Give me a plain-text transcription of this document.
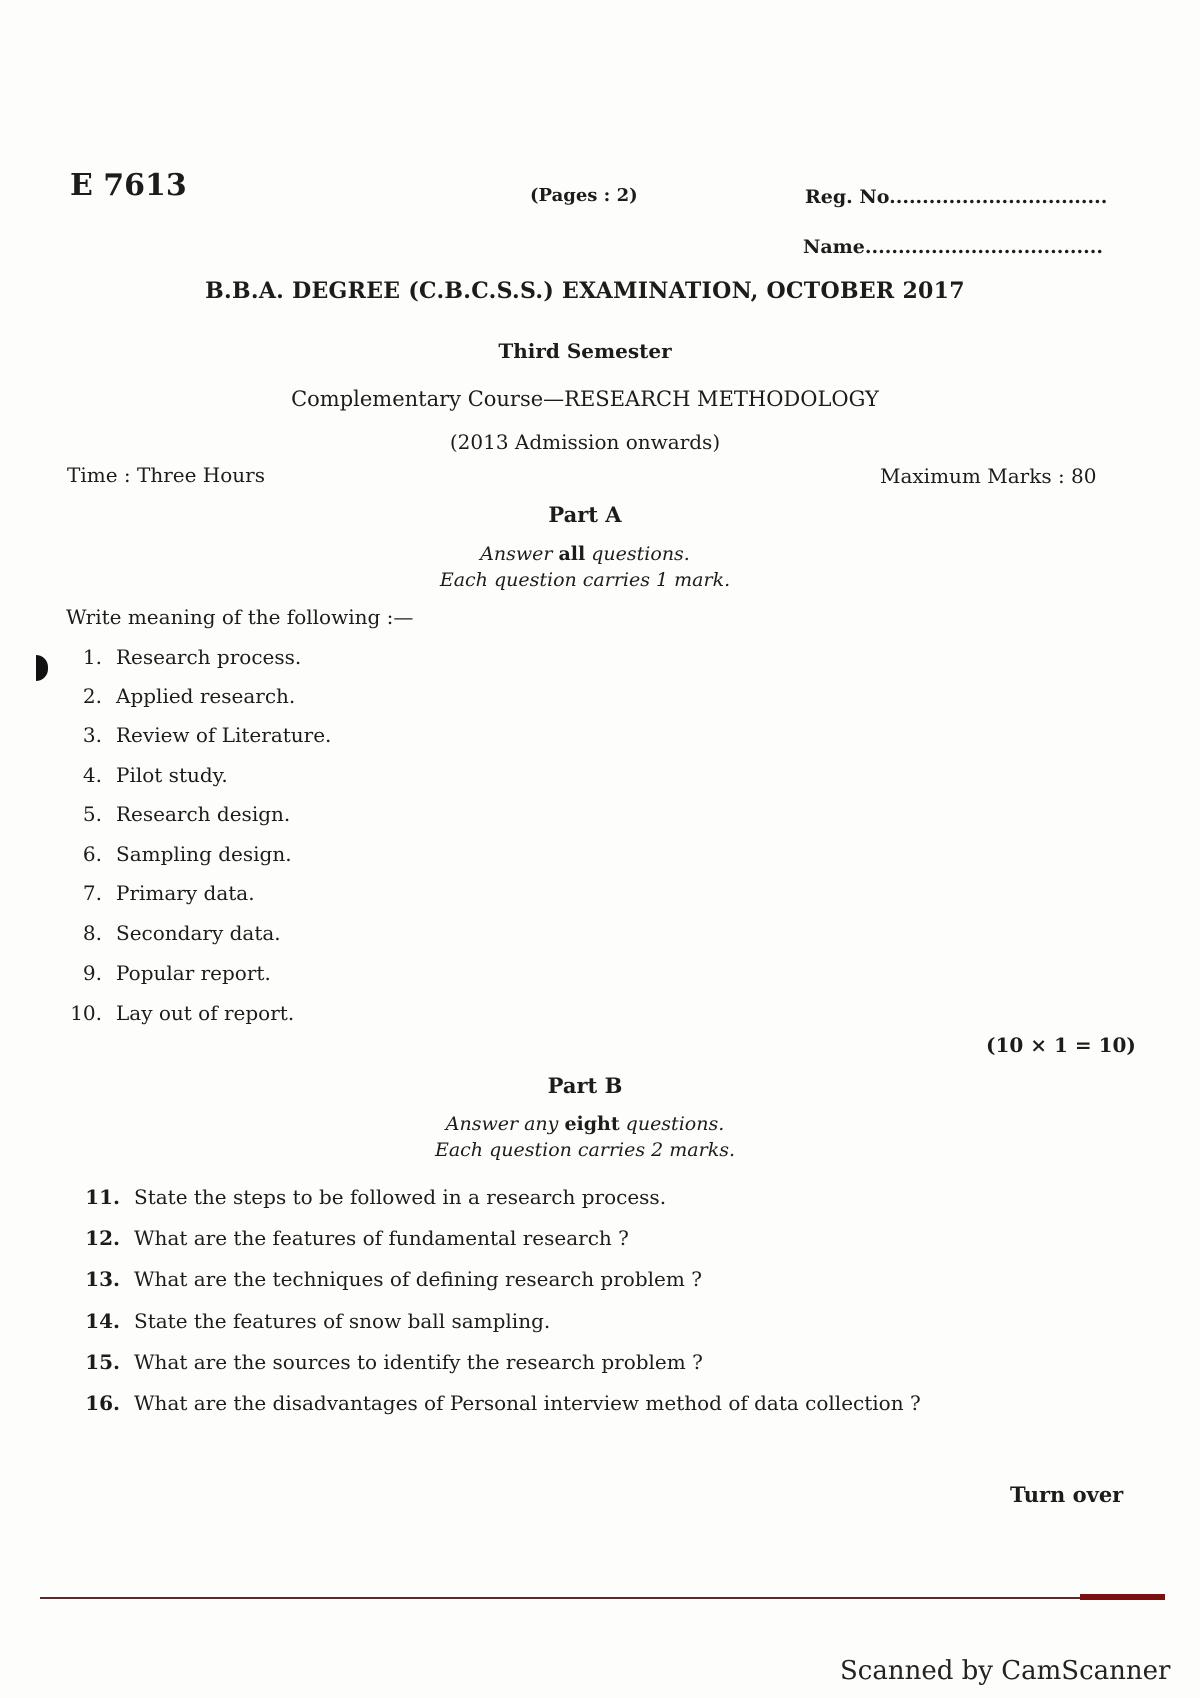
E 7613	(Pages : 2)	Reg. No.................................
Name....................................
B.B.A. DEGREE (C.B.C.S.S.) EXAMINATION, OCTOBER 2017
Third Semester
Complementary Course—RESEARCH METHODOLOGY
(2013 Admission onwards)
Time : Three Hours	Maximum Marks : 80
Part A
Answer all questions.
Each question carries 1 mark.
Write meaning of the following :—
1. Research process.
2. Applied research.
3. Review of Literature.
4. Pilot study.
5. Research design.
6. Sampling design.
7. Primary data.
8. Secondary data.
9. Popular report.
10. Lay out of report.
(10 × 1 = 10)
Part B
Answer any eight questions.
Each question carries 2 marks.
11. State the steps to be followed in a research process.
12. What are the features of fundamental research ?
13. What are the techniques of defining research problem ?
14. State the features of snow ball sampling.
15. What are the sources to identify the research problem ?
16. What are the disadvantages of Personal interview method of data collection ?
Turn over
Scanned by CamScanner
